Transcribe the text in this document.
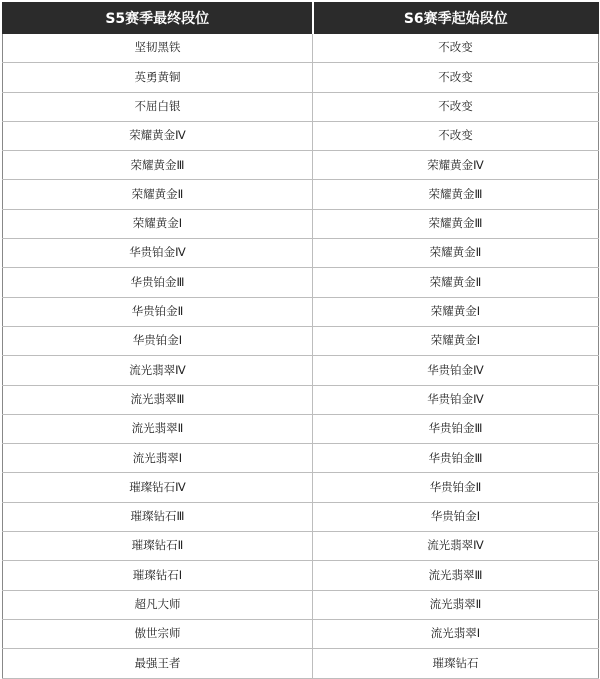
S5赛季最终段位	S6赛季起始段位
坚韧黑铁	不改变
英勇黄铜	不改变
不屈白银	不改变
荣耀黄金Ⅳ	不改变
荣耀黄金Ⅲ	荣耀黄金Ⅳ
荣耀黄金Ⅱ	荣耀黄金Ⅲ
荣耀黄金Ⅰ	荣耀黄金Ⅲ
华贵铂金Ⅳ	荣耀黄金Ⅱ
华贵铂金Ⅲ	荣耀黄金Ⅱ
华贵铂金Ⅱ	荣耀黄金Ⅰ
华贵铂金Ⅰ	荣耀黄金Ⅰ
流光翡翠Ⅳ	华贵铂金Ⅳ
流光翡翠Ⅲ	华贵铂金Ⅳ
流光翡翠Ⅱ	华贵铂金Ⅲ
流光翡翠Ⅰ	华贵铂金Ⅲ
璀璨钻石Ⅳ	华贵铂金Ⅱ
璀璨钻石Ⅲ	华贵铂金Ⅰ
璀璨钻石Ⅱ	流光翡翠Ⅳ
璀璨钻石Ⅰ	流光翡翠Ⅲ
超凡大师	流光翡翠Ⅱ
傲世宗师	流光翡翠Ⅰ
最强王者	璀璨钻石
